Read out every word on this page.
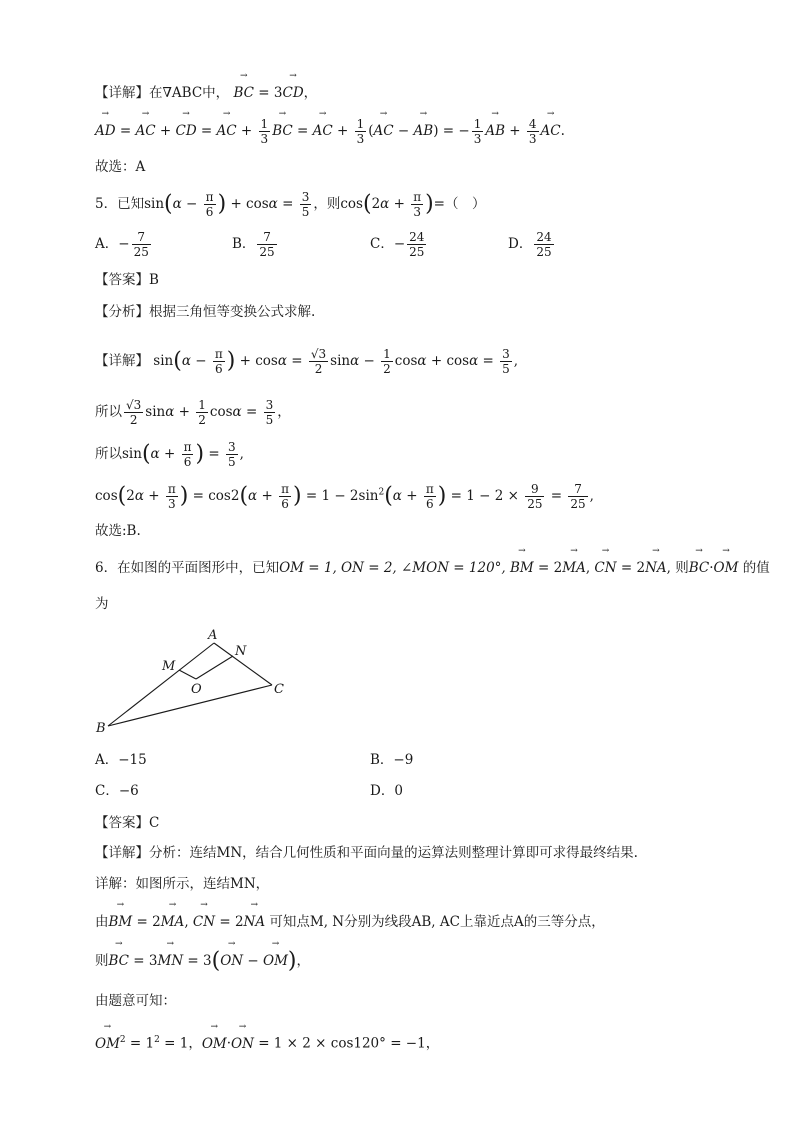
【详解】在∇ABC中， → BC = 3→ CD，
→ AD = → AC + → CD = → AC + $\frac{1}{3}$ → BC = → AC + $\frac{1}{3}$ (→ AC − → AB) = − $\frac{1}{3}$ → AB + $\frac{4}{3}$ → AC.
故选：A
5．已知$\sin(\alpha - \frac{\pi}{6}$ ) + $\cos\alpha = \frac{3}{5}$ ，则$\cos(2\alpha + \frac{\pi}{3}$ )=（　）
A．− $\frac{7}{25}$	B． $\frac{7}{25}$	C．− $\frac{24}{25}$	D． $\frac{24}{25}$
【答案】B
【分析】根据三角恒等变换公式求解.
【详解】 $\sin(\alpha - \frac{\pi}{6}$ ) + $\cos\alpha = \frac{√3}{2}$ $\sin\alpha - \frac{1}{2}$ $\cos\alpha + \cos\alpha = \frac{3}{5}$ ,
所以 $\frac{√3}{2}$ $\sin\alpha + \frac{1}{2}$ $\cos\alpha = \frac{3}{5}$ ，
所以$\sin(\alpha + \frac{\pi}{6}$ ) = $\frac{3}{5}$ ,
$\cos(2\alpha + \frac{\pi}{3}$ ) = $\cos 2(\alpha + \frac{\pi}{6}$ ) = $1 - 2\sin^2(\alpha + \frac{\pi}{6}$ ) = $1 - 2 \times \frac{9}{25} = \frac{7}{25}$ ,
故选:B.
6．在如图的平面图形中，已知OM = 1, ON = 2, ∠MON = 120°, → BM = 2→ MA, → CN = 2→ NA, 则→ BC·→ OM 的值
为
A
M
N
O
B
C
A．−15	B．−9
C．−6	D．0
【答案】C
【详解】分析：连结MN，结合几何性质和平面向量的运算法则整理计算即可求得最终结果.
详解：如图所示，连结MN，
由→ BM = 2→ MA, → CN = 2→ NA 可知点M, N分别为线段AB, AC上靠近点A的三等分点，
则→ BC = 3→ MN = 3(→ ON − → OM)，
由题意可知：
→ $OM^2 = 1^2 = 1$，→ OM·→ ON = 1 × 2 × cos120° = −1，
